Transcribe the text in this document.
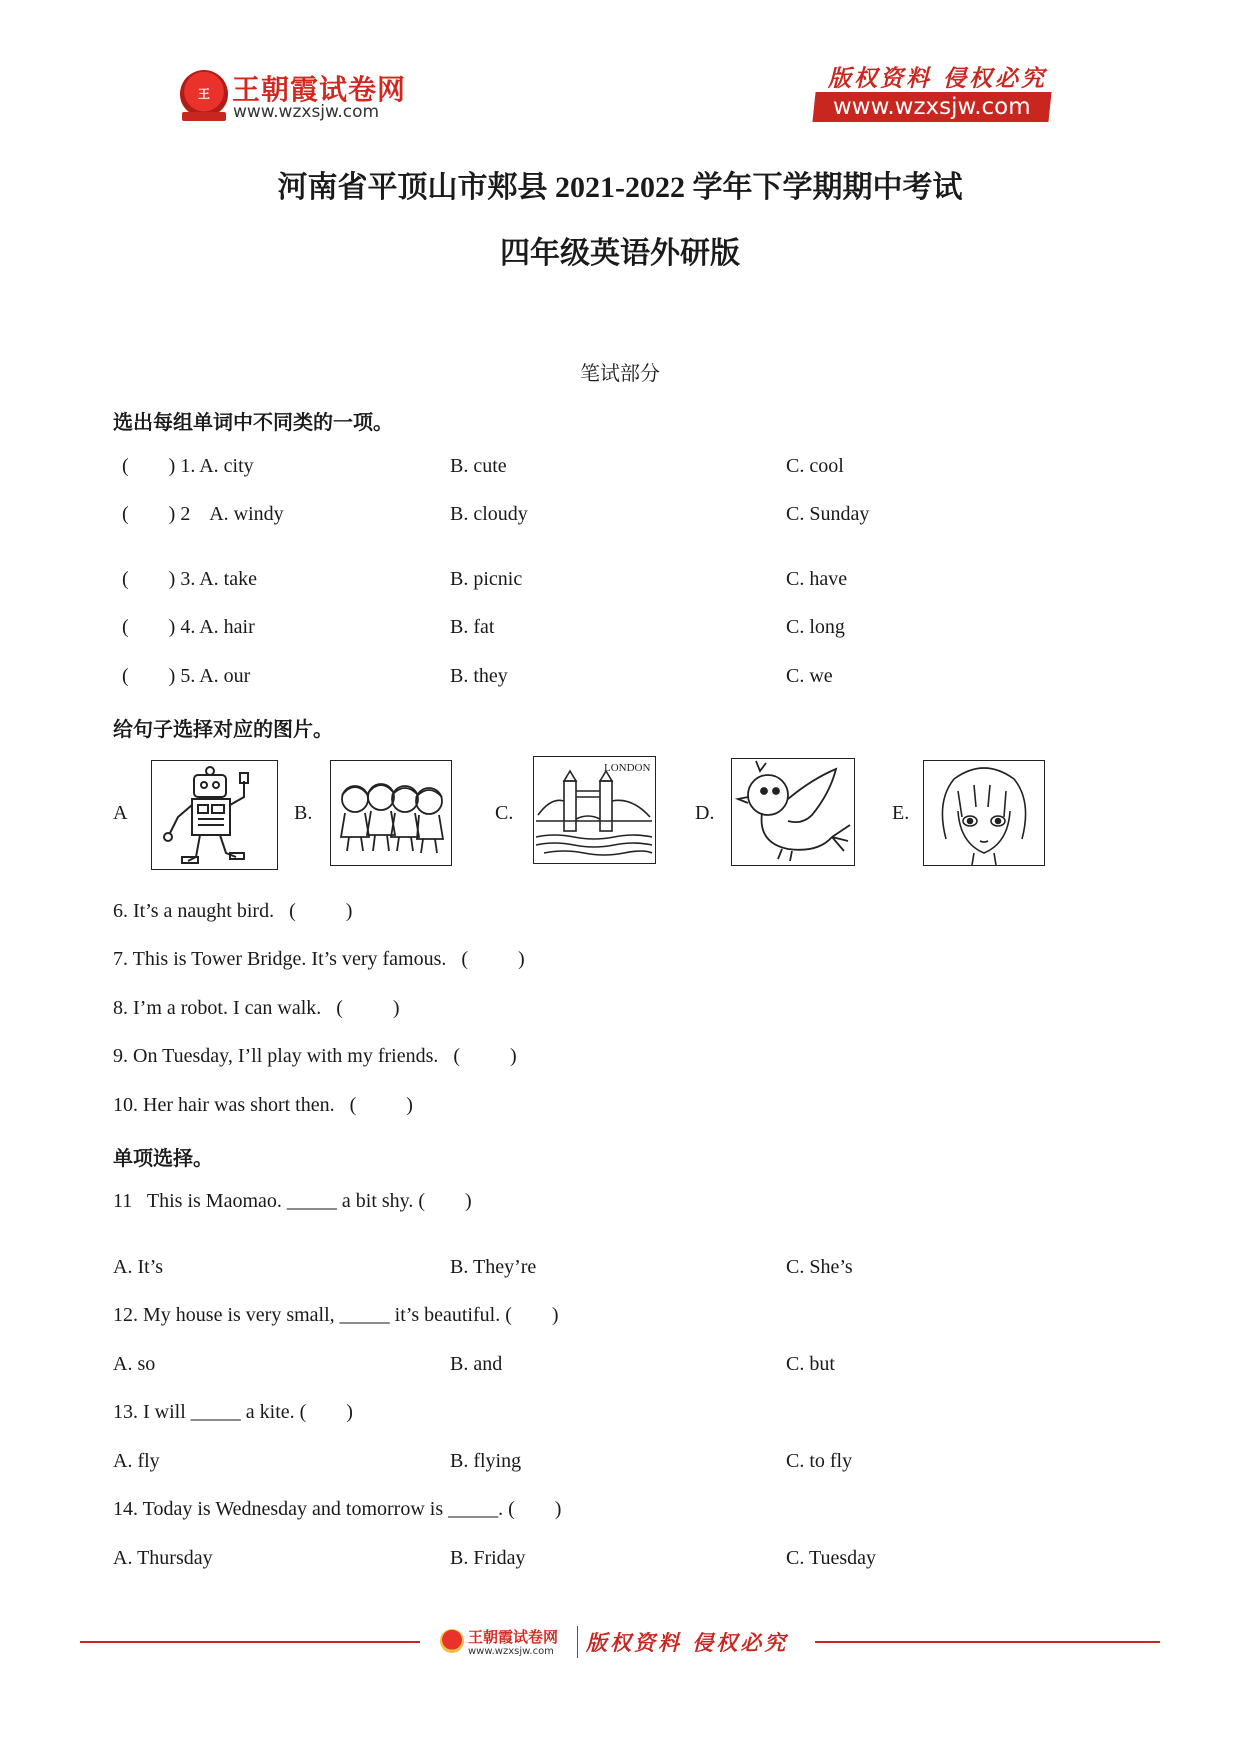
王 王朝霞试卷网
www.wzxsjw.com
版权资料 侵权必究
www.wzxsjw.com
河南省平顶山市郏县 2021-2022 学年下学期期中考试
四年级英语外研版
笔试部分
选出每组单词中不同类的一项。
(        ) 1. A. city	B. cute	C. cool
(        ) 2    A. windy	B. cloudy	C. Sunday
(        ) 3. A. take	B. picnic	C. have
(        ) 4. A. hair	B. fat	C. long
(        ) 5. A. our	B. they	C. we
给句子选择对应的图片。
A	B.	C.	D.	E.
LONDON
6. It’s a naught bird.   (          )
7. This is Tower Bridge. It’s very famous.   (          )
8. I’m a robot. I can walk.   (          )
9. On Tuesday, I’ll play with my friends.   (          )
10. Her hair was short then.   (          )
单项选择。
11   This is Maomao. _____ a bit shy. (        )
A. It’s	B. They’re	C. She’s
12. My house is very small, _____ it’s beautiful. (        )
A. so	B. and	C. but
13. I will _____ a kite. (        )
A. fly	B. flying	C. to fly
14. Today is Wednesday and tomorrow is _____. (        )
A. Thursday	B. Friday	C. Tuesday
王朝霞试卷网
www.wzxsjw.com 版权资料 侵权必究
